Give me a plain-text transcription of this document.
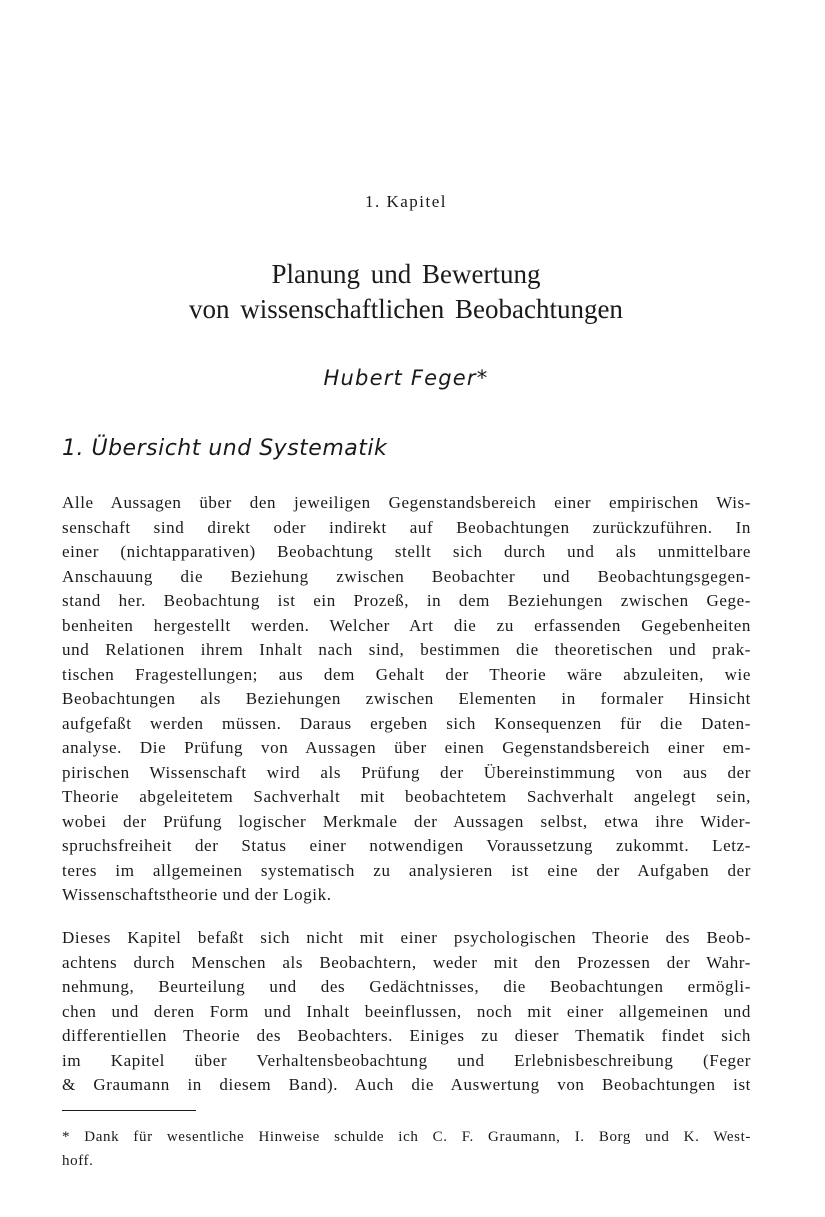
1. Kapitel
Planung und Bewertung
von wissenschaftlichen Beobachtungen
Hubert Feger*
1. Übersicht und Systematik
Alle Aussagen über den jeweiligen Gegenstandsbereich einer empirischen Wis-
senschaft sind direkt oder indirekt auf Beobachtungen zurückzuführen. In
einer (nichtapparativen) Beobachtung stellt sich durch und als unmittelbare
Anschauung die Beziehung zwischen Beobachter und Beobachtungsgegen-
stand her. Beobachtung ist ein Prozeß, in dem Beziehungen zwischen Gege-
benheiten hergestellt werden. Welcher Art die zu erfassenden Gegebenheiten
und Relationen ihrem Inhalt nach sind, bestimmen die theoretischen und prak-
tischen Fragestellungen; aus dem Gehalt der Theorie wäre abzuleiten, wie
Beobachtungen als Beziehungen zwischen Elementen in formaler Hinsicht
aufgefaßt werden müssen. Daraus ergeben sich Konsequenzen für die Daten-
analyse. Die Prüfung von Aussagen über einen Gegenstandsbereich einer em-
pirischen Wissenschaft wird als Prüfung der Übereinstimmung von aus der
Theorie abgeleitetem Sachverhalt mit beobachtetem Sachverhalt angelegt sein,
wobei der Prüfung logischer Merkmale der Aussagen selbst, etwa ihre Wider-
spruchsfreiheit der Status einer notwendigen Voraussetzung zukommt. Letz-
teres im allgemeinen systematisch zu analysieren ist eine der Aufgaben der
Wissenschaftstheorie und der Logik.
Dieses Kapitel befaßt sich nicht mit einer psychologischen Theorie des Beob-
achtens durch Menschen als Beobachtern, weder mit den Prozessen der Wahr-
nehmung, Beurteilung und des Gedächtnisses, die Beobachtungen ermögli-
chen und deren Form und Inhalt beeinflussen, noch mit einer allgemeinen und
differentiellen Theorie des Beobachters. Einiges zu dieser Thematik findet sich
im Kapitel über Verhaltensbeobachtung und Erlebnisbeschreibung (Feger
& Graumann in diesem Band). Auch die Auswertung von Beobachtungen ist
* Dank für wesentliche Hinweise schulde ich C. F. Graumann, I. Borg und K. West-
hoff.
